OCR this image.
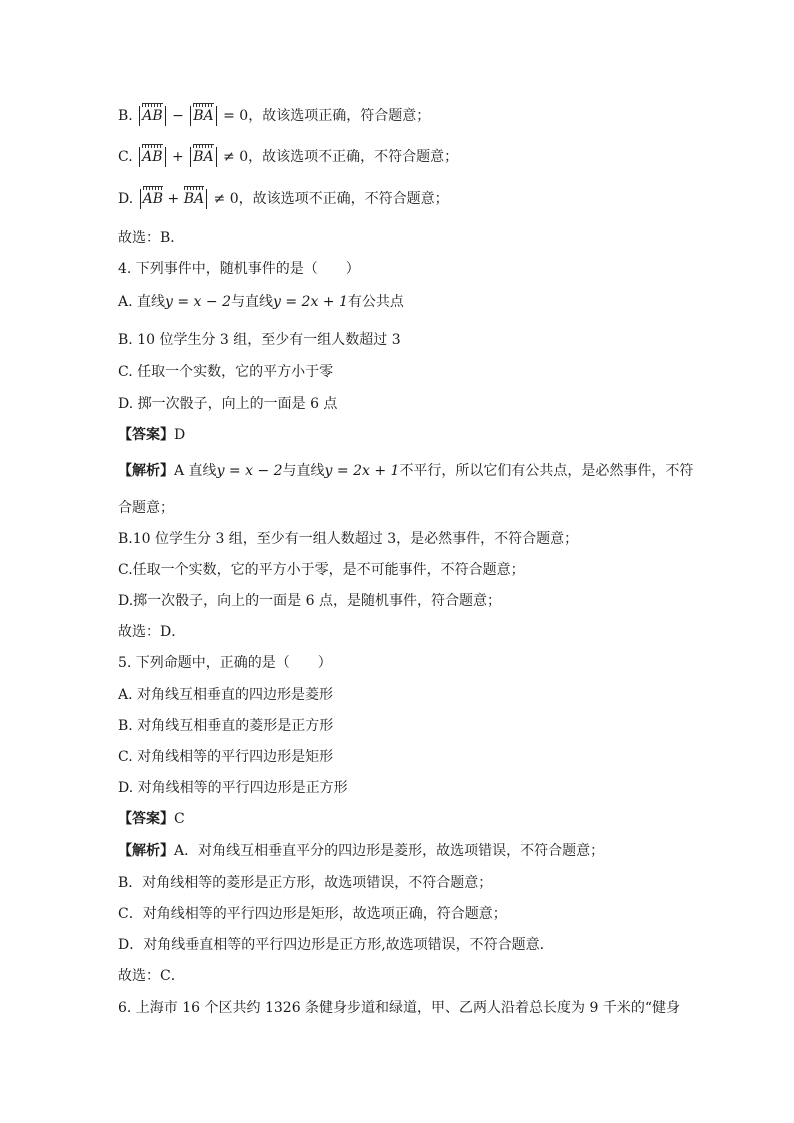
B. AB − BA = 0，故该选项正确，符合题意；
C. AB + BA ≠ 0，故该选项不正确，不符合题意；
D. AB + BA ≠ 0，故该选项不正确，不符合题意；
故选：B．
4. 下列事件中，随机事件的是（　　）
A. 直线y = x − 2与直线y = 2x + 1有公共点
B. 10 位学生分 3 组，至少有一组人数超过 3
C. 任取一个实数，它的平方小于零
D. 掷一次骰子，向上的一面是 6 点
【答案】D
【解析】A 直线y = x − 2与直线y = 2x + 1不平行，所以它们有公共点，是必然事件，不符
合题意；
B.10 位学生分 3 组，至少有一组人数超过 3，是必然事件，不符合题意；
C.任取一个实数，它的平方小于零，是不可能事件，不符合题意；
D.掷一次骰子，向上的一面是 6 点，是随机事件，符合题意；
故选：D．
5. 下列命题中，正确的是（　　）
A. 对角线互相垂直的四边形是菱形
B. 对角线互相垂直的菱形是正方形
C. 对角线相等的平行四边形是矩形
D. 对角线相等的平行四边形是正方形
【答案】C
【解析】A．对角线互相垂直平分的四边形是菱形，故选项错误，不符合题意；
B．对角线相等的菱形是正方形，故选项错误，不符合题意；
C．对角线相等的平行四边形是矩形，故选项正确，符合题意；
D．对角线垂直相等的平行四边形是正方形,故选项错误，不符合题意．
故选：C．
6. 上海市 16 个区共约 1326 条健身步道和绿道，甲、乙两人沿着总长度为 9 千米的“健身
